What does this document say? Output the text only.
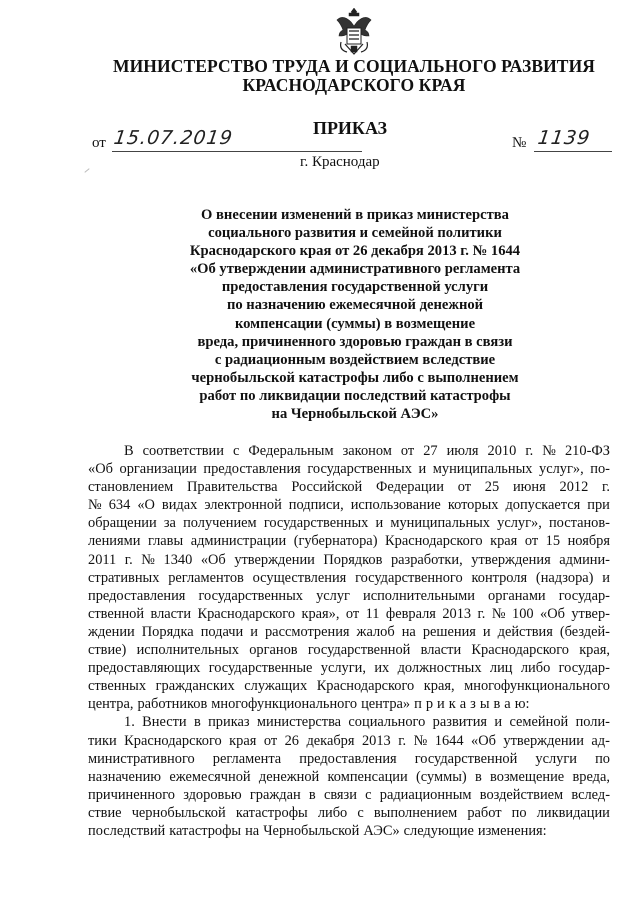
МИНИСТЕРСТВО ТРУДА И СОЦИАЛЬНОГО РАЗВИТИЯ
КРАСНОДАРСКОГО КРАЯ
ПРИКАЗ
от 15.07.2019	№ 1139
г. Краснодар
О внесении изменений в приказ министерства
социального развития и семейной политики
Краснодарского края от 26 декабря 2013 г. № 1644
«Об утверждении административного регламента
предоставления государственной услуги
по назначению ежемесячной денежной
компенсации (суммы) в возмещение
вреда, причиненного здоровью граждан в связи
с радиационным воздействием вследствие
чернобыльской катастрофы либо с выполнением
работ по ликвидации последствий катастрофы
на Чернобыльской АЭС»
В соответствии с Федеральным законом от 27 июля 2010 г. № 210-ФЗ
«Об организации предоставления государственных и муниципальных услуг», по-
становлением Правительства Российской Федерации от 25 июня 2012 г.
№ 634 «О видах электронной подписи, использование которых допускается при
обращении за получением государственных и муниципальных услуг», постанов-
лениями главы администрации (губернатора) Краснодарского края от 15 ноября
2011 г. № 1340 «Об утверждении Порядков разработки, утверждения админи-
стративных регламентов осуществления государственного контроля (надзора) и
предоставления государственных услуг исполнительными органами государ-
ственной власти Краснодарского края», от 11 февраля 2013 г. № 100 «Об утвер-
ждении Порядка подачи и рассмотрения жалоб на решения и действия (бездей-
ствие) исполнительных органов государственной власти Краснодарского края,
предоставляющих государственные услуги, их должностных лиц либо государ-
ственных гражданских служащих Краснодарского края, многофункционального
центра, работников многофункционального центра» п р и к а з ы в а ю:
1. Внести в приказ министерства социального развития и семейной поли-
тики Краснодарского края от 26 декабря 2013 г. № 1644 «Об утверждении ад-
министративного регламента предоставления государственной услуги по
назначению ежемесячной денежной компенсации (суммы) в возмещение вреда,
причиненного здоровью граждан в связи с радиационным воздействием вслед-
ствие чернобыльской катастрофы либо с выполнением работ по ликвидации
последствий катастрофы на Чернобыльской АЭС» следующие изменения:
